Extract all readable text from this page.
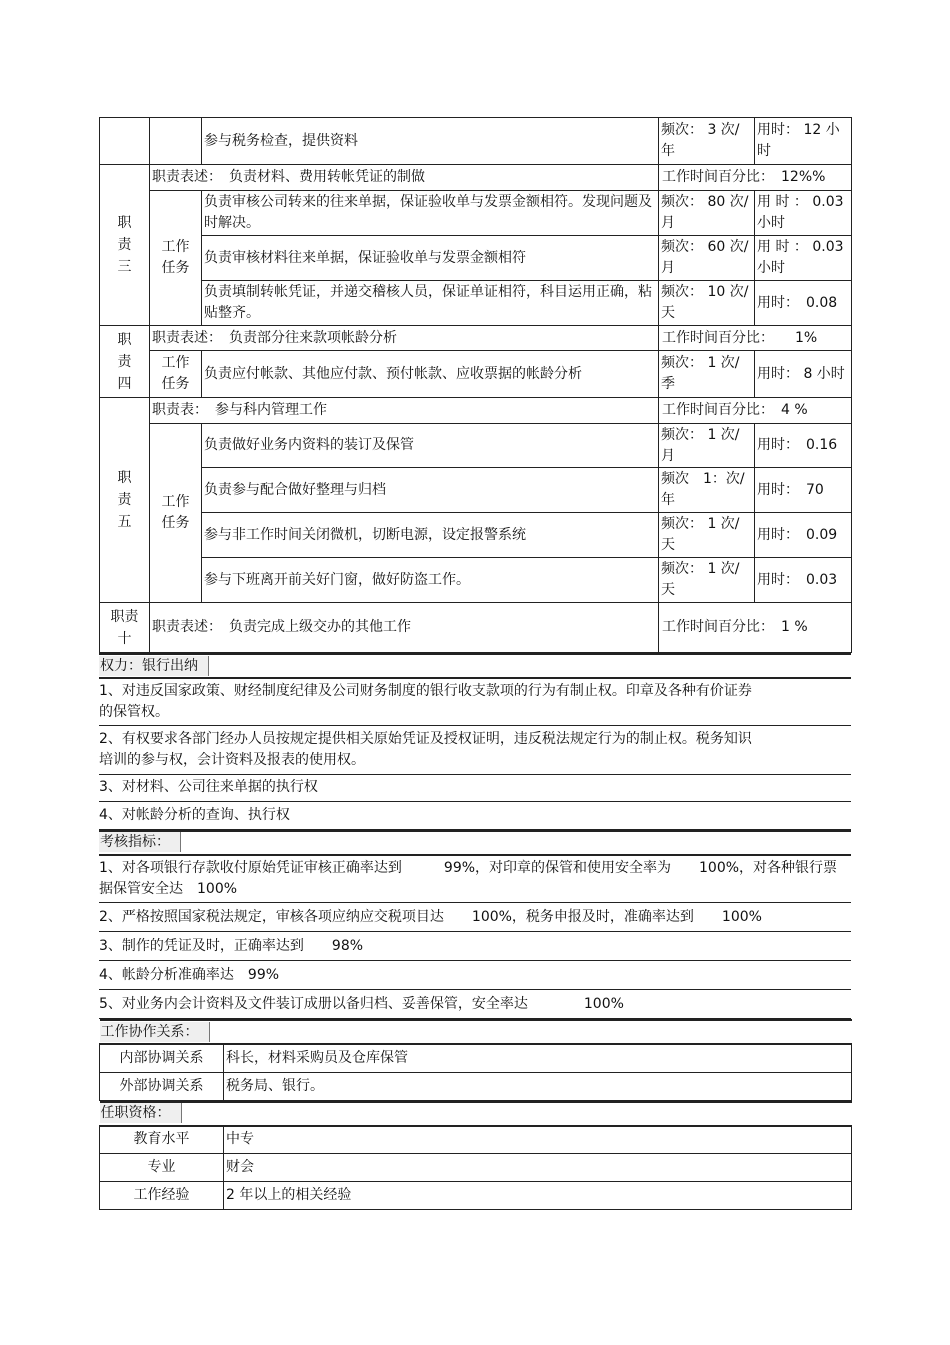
		参与税务检查，提供资料	频次： 3 次/年	用时： 12 小时
职责三	职责表述：　负责材料、费用转帐凭证的制做		工作时间百分比：　12%%	
	工作任务	负责审核公司转来的往来单据，保证验收单与发票金额相符。发现问题及时解决。	频次： 80 次/月	用 时 ： 0.03 小时
		负责审核材料往来单据，保证验收单与发票金额相符	频次： 60 次/月	用 时 ： 0.03 小时
		负责填制转帐凭证，并递交稽核人员，保证单证相符，科目运用正确，粘贴整齐。	频次： 10 次/天	用时：　0.08
职责四	职责表述：　负责部分往来款项帐龄分析		工作时间百分比：　　1%	
	工作任务	负责应付帐款、其他应付款、预付帐款、应收票据的帐龄分析	频次： 1 次/季	用时： 8 小时
职责五	职责表：　参与科内管理工作		工作时间百分比：　4 %	
	工作任务	负责做好业务内资料的装订及保管	频次： 1 次/月	用时：　0.16
		负责参与配合做好整理与归档	频次　1：次/年	用时：　70
		参与非工作时间关闭微机，切断电源，设定报警系统	频次： 1 次/天	用时：　0.09
		参与下班离开前关好门窗，做好防盗工作。	频次： 1 次/天	用时：　0.03
职责十	职责表述：　负责完成上级交办的其他工作		工作时间百分比：　1 %	
权力：银行出纳
1、对违反国家政策、财经制度纪律及公司财务制度的银行收支款项的行为有制止权。印章及各种有价证券的保管权。
2、有权要求各部门经办人员按规定提供相关原始凭证及授权证明，违反税法规定行为的制止权。税务知识培训的参与权，会计资料及报表的使用权。
3、对材料、公司往来单据的执行权
4、对帐龄分析的查询、执行权
考核指标：
1、对各项银行存款收付原始凭证审核正确率达到　　　99%，对印章的保管和使用安全率为　　100%，对各种银行票据保管安全达　100%
2、严格按照国家税法规定，审核各项应纳应交税项目达　　100%，税务申报及时，准确率达到　　100%
3、制作的凭证及时，正确率达到　　98%
4、帐龄分析准确率达　99%
5、对业务内会计资料及文件装订成册以备归档、妥善保管，安全率达　　　　100%
工作协作关系：	
内部协调关系	科长，材料采购员及仓库保管
外部协调关系	税务局、银行。
任职资格：	
教育水平	中专
专业	财会
工作经验	2 年以上的相关经验
